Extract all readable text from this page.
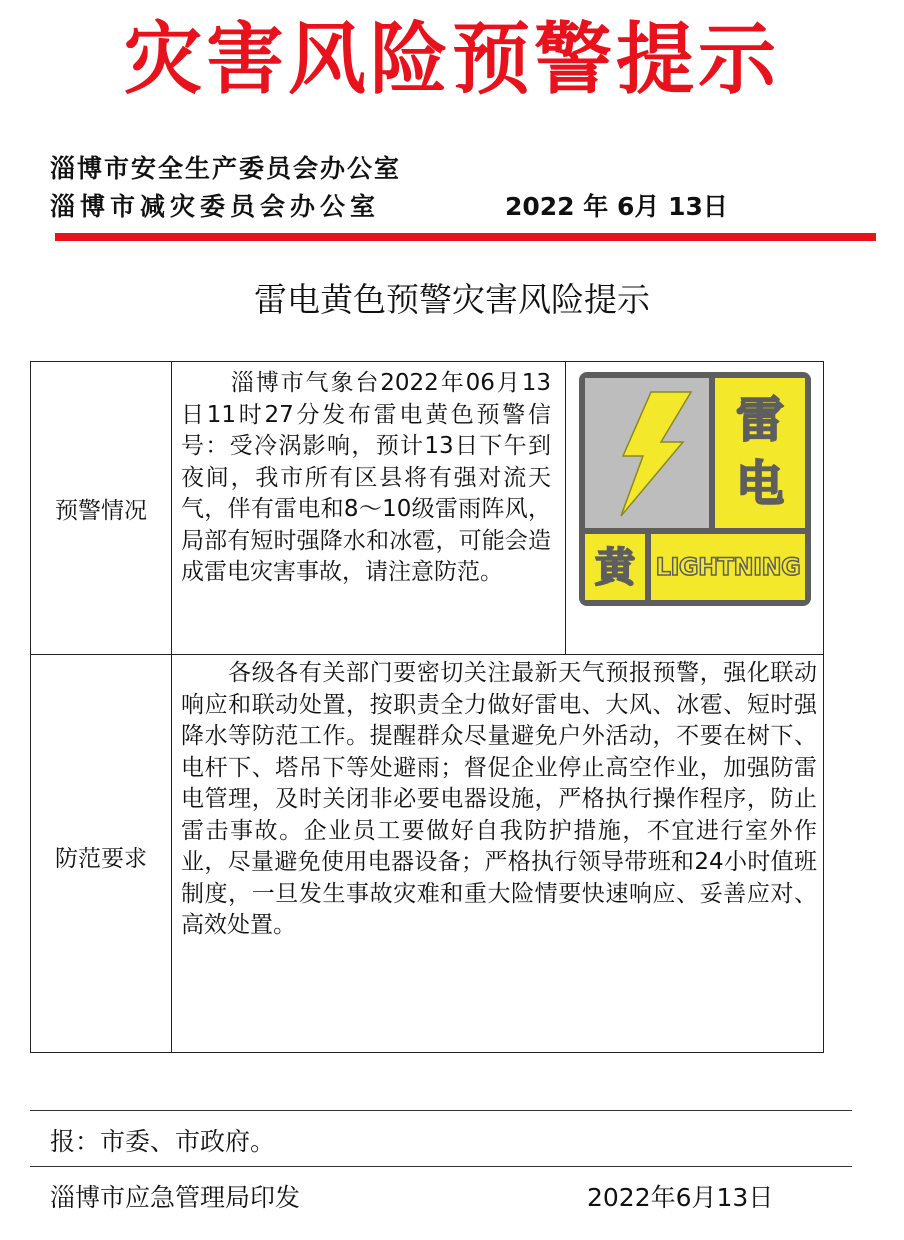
灾害风险预警提示
淄博市安全生产委员会办公室
淄博市减灾委员会办公室	2022 年 6月 13日
雷电黄色预警灾害风险提示
预警情况
　　淄博市气象台2022年06月13日11时27分发布雷电黄色预警信号：受冷涡影响，预计13日下午到夜间，我市所有区县将有强对流天气，伴有雷电和8～10级雷雨阵风，局部有短时强降水和冰雹，可能会造成雷电灾害事故，请注意防范。
雷
电
黄 LIGHTNING
防范要求
　　各级各有关部门要密切关注最新天气预报预警，强化联动响应和联动处置，按职责全力做好雷电、大风、冰雹、短时强降水等防范工作。提醒群众尽量避免户外活动，不要在树下、电杆下、塔吊下等处避雨；督促企业停止高空作业，加强防雷电管理，及时关闭非必要电器设施，严格执行操作程序，防止雷击事故。企业员工要做好自我防护措施，不宜进行室外作业，尽量避免使用电器设备；严格执行领导带班和24小时值班制度，一旦发生事故灾难和重大险情要快速响应、妥善应对、高效处置。
报：市委、市政府。
淄博市应急管理局印发	2022年6月13日
